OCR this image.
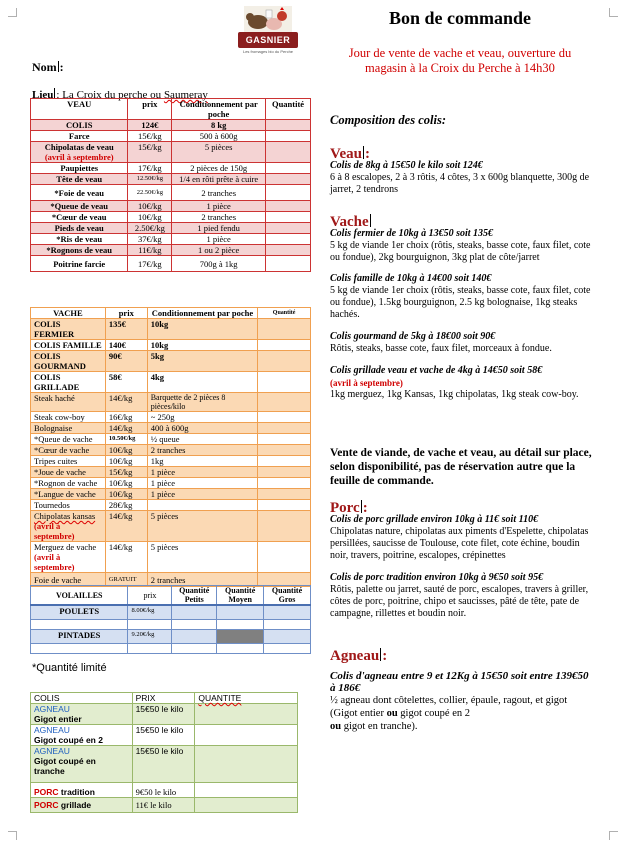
GASNIER
Les fromages bio du Perche
Nom :
Lieu : La Croix du perche ou Saumeray
VEAU	prix	Conditionnement par poche	Quantité
COLIS	124€	8 kg	
Farce	15€/kg	500 à 600g	

Chipolatas de veau
(avril à septembre)	15€/kg	5 pièces	
Paupiettes	17€/kg	2 pièces de 150g	
Tête de veau	12.50€/kg	1/4 en rôti prête à cuire	
*Foie de veau	22.50€/kg	2 tranches	
*Queue de veau	10€/kg	1 pièce	
*Cœur de veau	10€/kg	2 tranches	
Pieds de veau	2.50€/kg	1 pied fendu	
*Ris de veau	37€/kg	1 pièce	
*Rognons de veau	11€/kg	1 ou 2 pièce	
Poitrine farcie	17€/kg	700g à 1kg	
VACHE	prix	Conditionnement par poche	Quantité
COLIS FERMIER	135€	10kg	
COLIS FAMILLE	140€	10kg	
COLIS GOURMAND	90€	5kg	
COLIS GRILLADE	58€	4kg	
Steak haché	14€/kg	Barquette de 2 pièces 8 pièces/kilo	
Steak cow-boy	16€/kg	~ 250g	
Bolognaise	14€/kg	400 à 600g	
*Queue de vache	10.50€/kg	½ queue	
*Cœur de vache	10€/kg	2 tranches	
Tripes cuites	10€/kg	1kg	
*Joue de vache	15€/kg	1 pièce	
*Rognon de vache	10€/kg	1 pièce	
*Langue de vache	10€/kg	1 pièce	
Tournedos	28€/kg		

Chipolatas kansas
(avril à septembre)	14€/kg	5 pièces	

Merguez de vache
(avril à septembre)	14€/kg	5 pièces	
Foie de vache	GRATUIT	2 tranches	
VOLAILLES	prix	Quantité Petits	Quantité Moyen	Quantité Gros
POULETS	8.00€/kg			

PINTADES	9.20€/kg			

*Quantité limité
COLIS	PRIX	QUANTITE

AGNEAU
Gigot entier	15€50 le kilo	

AGNEAU
Gigot coupé en 2	15€50 le kilo	

AGNEAU
Gigot coupé en tranche	15€50 le kilo	
PORC tradition	9€50 le kilo	
PORC grillade	11€ le kilo	
Bon de commande
Jour de vente de vache et veau, ouverture du magasin à la Croix du Perche à 14h30
Composition des colis:
Veau :
Colis de 8kg à 15€50 le kilo soit 124€
6 à 8 escalopes, 2 à 3 rôtis, 4 côtes, 3 x 600g blanquette, 300g de jarret, 2 tendrons
Vache
Colis fermier de 10kg à 13€50 soit 135€
5 kg de viande 1er choix (rôtis, steaks, basse cote, faux filet, cote ou fondue), 2kg bourguignon, 3kg plat de côte/jarret
Colis famille de 10kg à 14€00 soit 140€
5 kg de viande 1er choix (rôtis, steaks, basse cote, faux filet, cote ou fondue), 1.5kg bourguignon, 2.5 kg bolognaise, 1kg steaks hachés.
Colis gourmand de 5kg à 18€00 soit 90€
Rôtis, steaks, basse cote, faux filet, morceaux à fondue.
Colis grillade veau et vache de 4kg à 14€50 soit 58€
(avril à septembre)
1kg merguez, 1kg Kansas, 1kg chipolatas, 1kg steak cow-boy.
Vente de viande, de vache et veau, au détail sur place, selon disponibilité, pas de réservation autre que la feuille de commande.
Porc :
Colis de porc grillade environ 10kg à 11€ soit 110€
Chipolatas nature, chipolatas aux piments d'Espelette, chipolatas persillées, saucisse de Toulouse, cote filet, cote échine, boudin noir, travers, poitrine, escalopes, crépinettes
Colis de porc tradition environ 10kg à 9€50 soit 95€
Rôtis, palette ou jarret, sauté de porc, escalopes, travers à griller, côtes de porc, poitrine, chipo et saucisses, pâté de tête, pate de campagne, rillettes et boudin noir.
Agneau :
Colis d'agneau entre 9 et 12Kg à 15€50 soit entre 139€50 à 186€
½ agneau dont côtelettes, collier, épaule, ragout, et gigot (Gigot entier ou gigot coupé en 2
ou gigot en tranche).
